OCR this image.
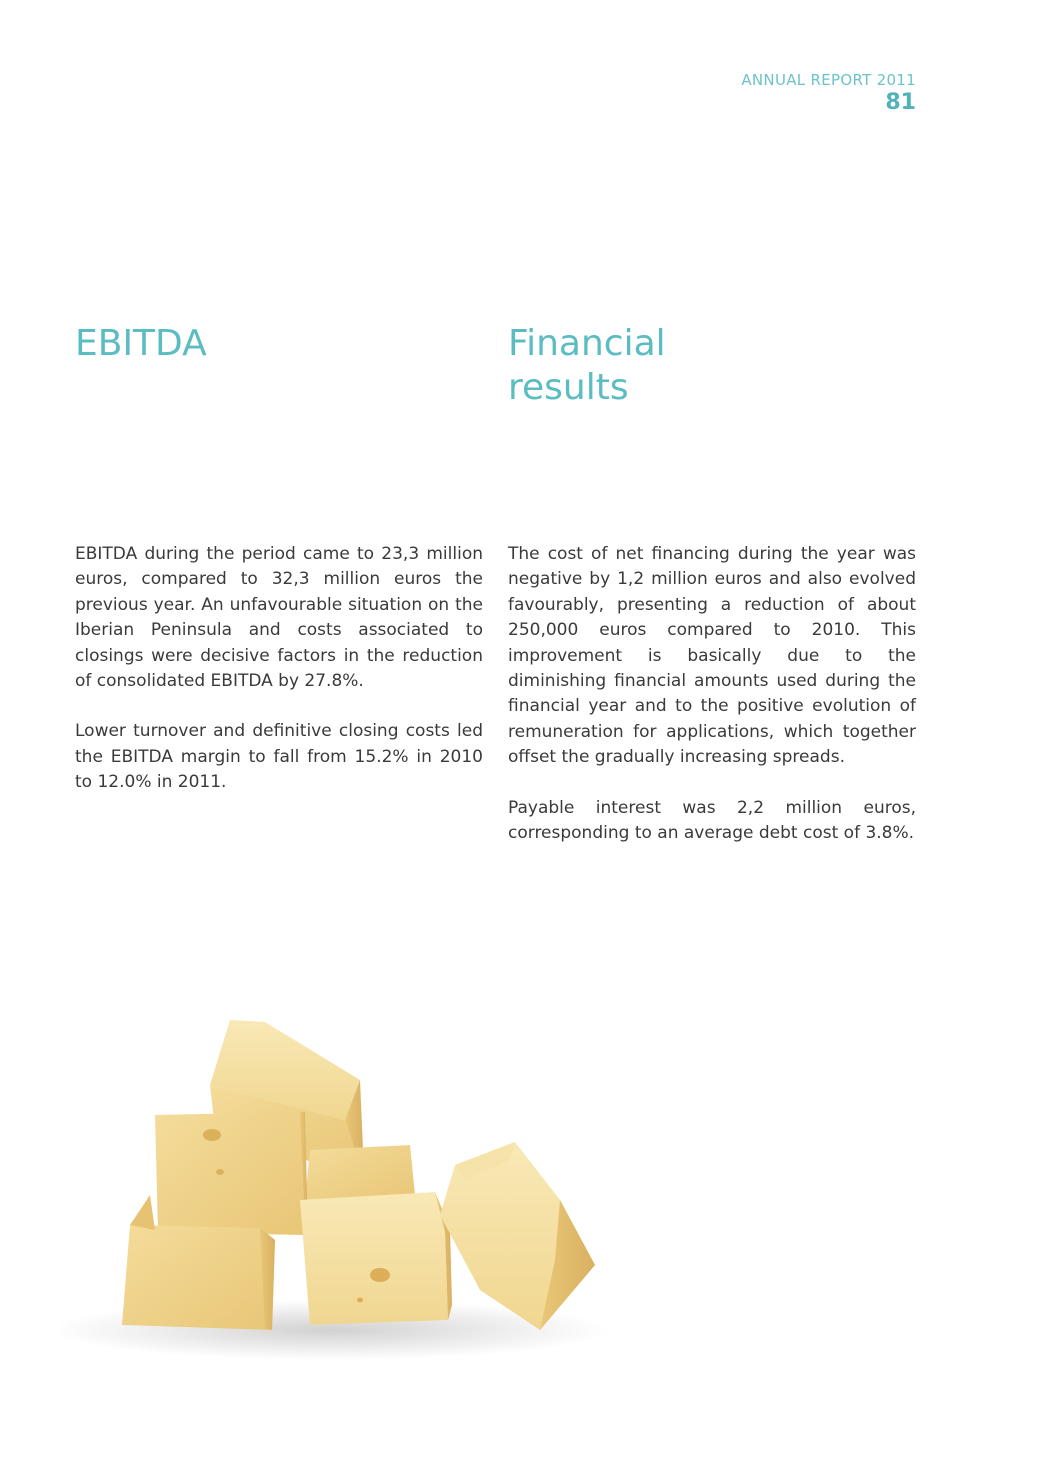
ANNUAL REPORT 2011
81
EBITDA	Financial results

EBITDA during the period came to 23,3 million euros, compared to 32,3 million euros the previous year. An unfavourable situation on the Iberian Peninsula and costs associated to closings were decisive factors in the reduction of consolidated EBITDA by 27.8%.

Lower turnover and definitive closing costs led the EBITDA margin to fall from 15.2% in 2010 to 12.0% in 2011.

The cost of net financing during the year was negative by 1,2 million euros and also evolved favourably, presenting a reduction of about 250,000 euros compared to 2010. This improvement is basically due to the diminishing financial amounts used during the financial year and to the positive evolution of remuneration for applications, which together offset the gradually increasing spreads.

Payable interest was 2,2 million euros, corresponding to an average debt cost of 3.8%.
